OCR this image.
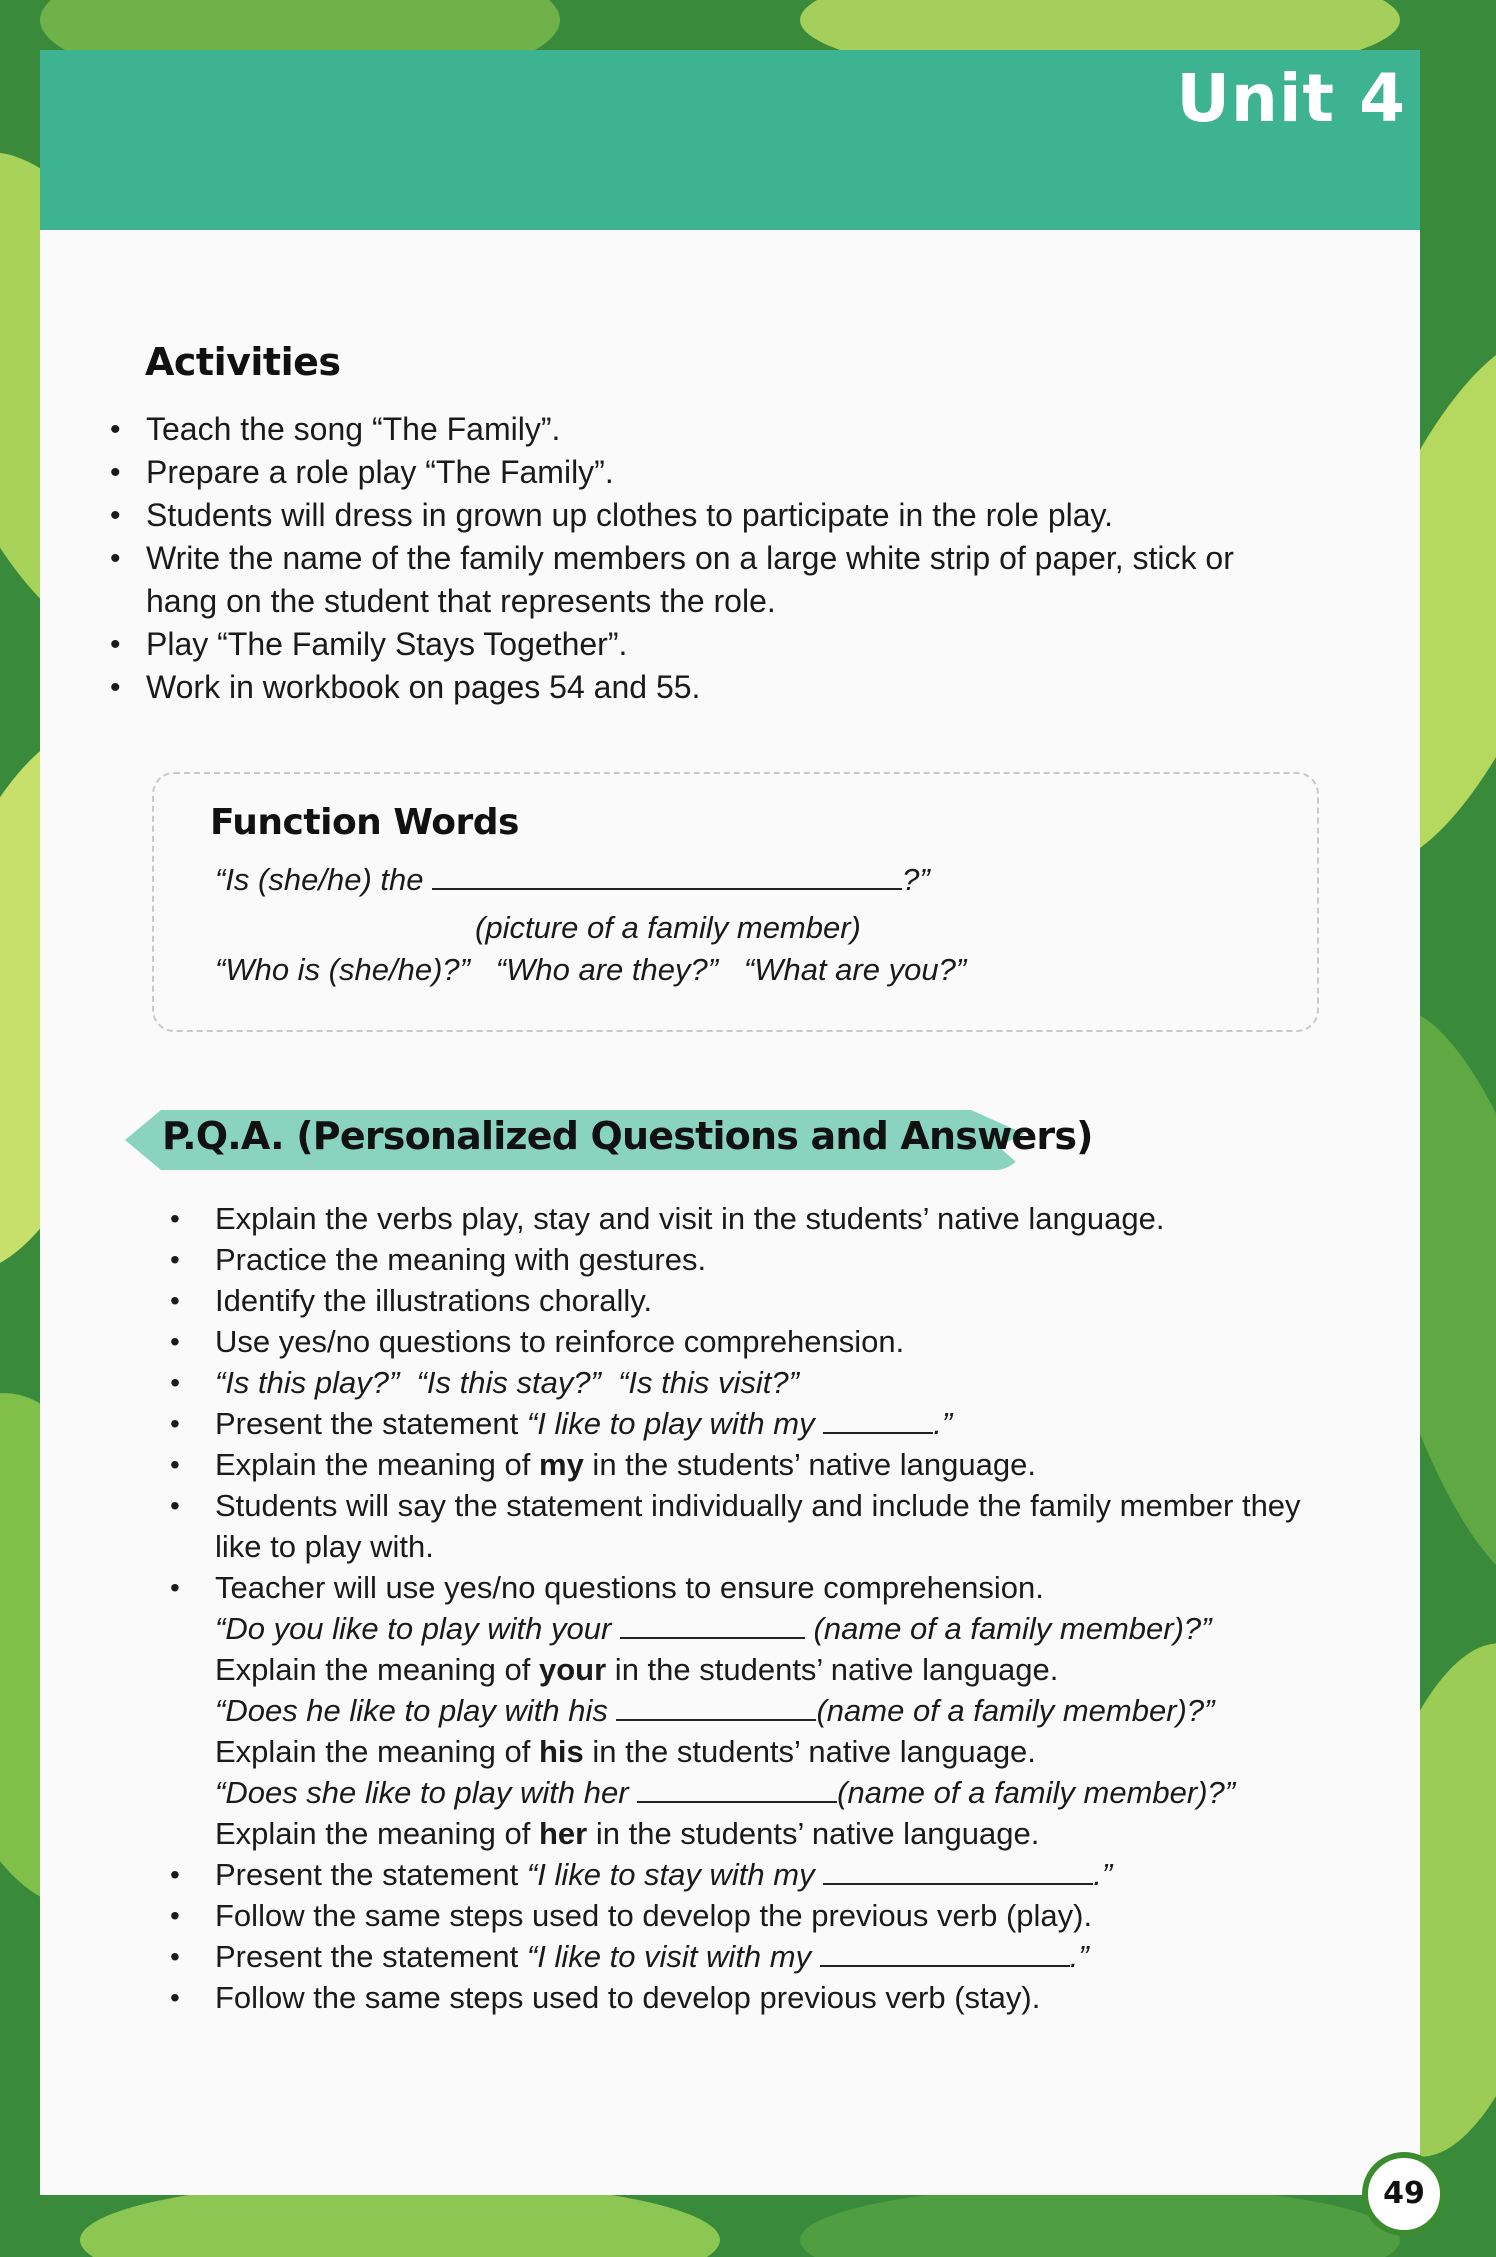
Unit 4
Activities
• Teach the song “The Family”.
• Prepare a role play “The Family”.
• Students will dress in grown up clothes to participate in the role play.
• Write the name of the family members on a large white strip of paper, stick or hang on the student that represents the role.
• Play “The Family Stays Together”.
• Work in workbook on pages 54 and 55.
Function Words
“Is (she/he) the	?”
(picture of a family member)
“Who is (she/he)?”   “Who are they?”   “What are you?”
P.Q.A. (Personalized Questions and Answers)
• Explain the verbs play, stay and visit in the students’ native language.
• Practice the meaning with gestures.
• Identify the illustrations chorally.
• Use yes/no questions to reinforce comprehension.
• “Is this play?”  “Is this stay?”  “Is this visit?”
• Present the statement “I like to play with my	.”
• Explain the meaning of my in the students’ native language.
• Students will say the statement individually and include the family member they like to play with.
• Teacher will use yes/no questions to ensure comprehension.
“Do you like to play with your	(name of a family member)?”
Explain the meaning of your in the students’ native language.
“Does he like to play with his	(name of a family member)?”
Explain the meaning of his in the students’ native language.
“Does she like to play with her	(name of a family member)?”
Explain the meaning of her in the students’ native language.
• Present the statement “I like to stay with my	.”
• Follow the same steps used to develop the previous verb (play).
• Present the statement “I like to visit with my	.”
• Follow the same steps used to develop previous verb (stay).
49
